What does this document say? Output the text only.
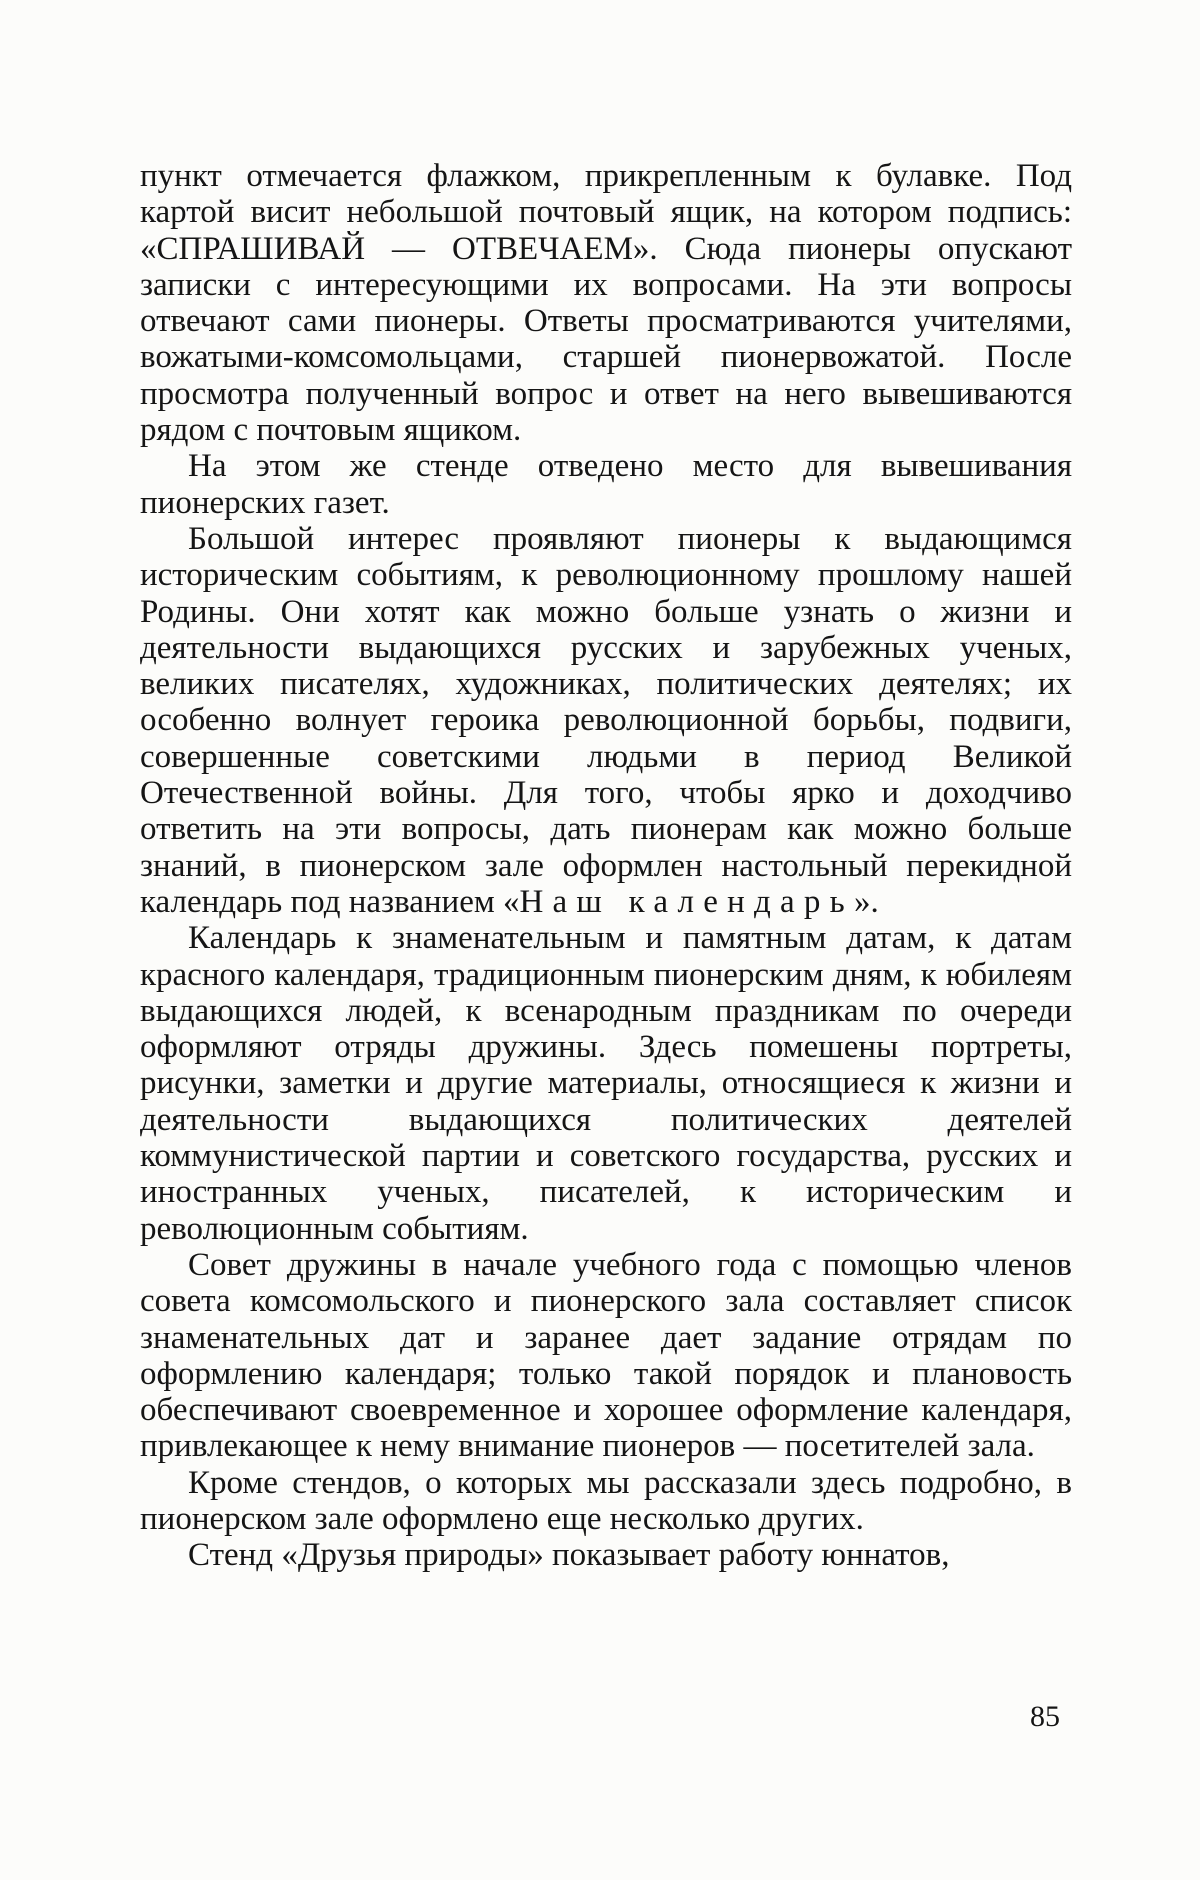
пункт отмечается флажком, прикрепленным к булавке. Под картой висит небольшой почтовый ящик, на котором подпись: «СПРАШИВАЙ — ОТВЕЧАЕМ». Сюда пионеры опускают записки с интересующими их вопросами. На эти вопросы отвечают сами пионеры. Ответы просматриваются учителями, вожатыми-комсомольцами, старшей пионервожатой. После просмотра полученный вопрос и ответ на него вывешиваются рядом с почтовым ящиком.

На этом же стенде отведено место для вывешивания пионерских газет.

Большой интерес проявляют пионеры к выдающимся историческим событиям, к революционному прошлому нашей Родины. Они хотят как можно больше узнать о жизни и деятельности выдающихся русских и зарубежных ученых, великих писателях, художниках, политических деятелях; их особенно волнует героика революционной борьбы, подвиги, совершенные советскими людьми в период Великой Отечественной войны. Для того, чтобы ярко и доходчиво ответить на эти вопросы, дать пионерам как можно больше знаний, в пионерском зале оформлен настольный перекидной календарь под названием «Наш календарь».

Календарь к знаменательным и памятным датам, к датам красного календаря, традиционным пионерским дням, к юбилеям выдающихся людей, к всенародным праздникам по очереди оформляют отряды дружины. Здесь помешены портреты, рисунки, заметки и другие материалы, относящиеся к жизни и деятельности выдающихся политических деятелей коммунистической партии и советского государства, русских и иностранных ученых, писателей, к историческим и революционным событиям.

Совет дружины в начале учебного года с помощью членов совета комсомольского и пионерского зала составляет список знаменательных дат и заранее дает задание отрядам по оформлению календаря; только такой порядок и плановость обеспечивают своевременное и хорошее оформление календаря, привлекающее к нему внимание пионеров — посетителей зала.

Кроме стендов, о которых мы рассказали здесь подробно, в пионерском зале оформлено еще несколько других.

Стенд «Друзья природы» показывает работу юннатов,

85
